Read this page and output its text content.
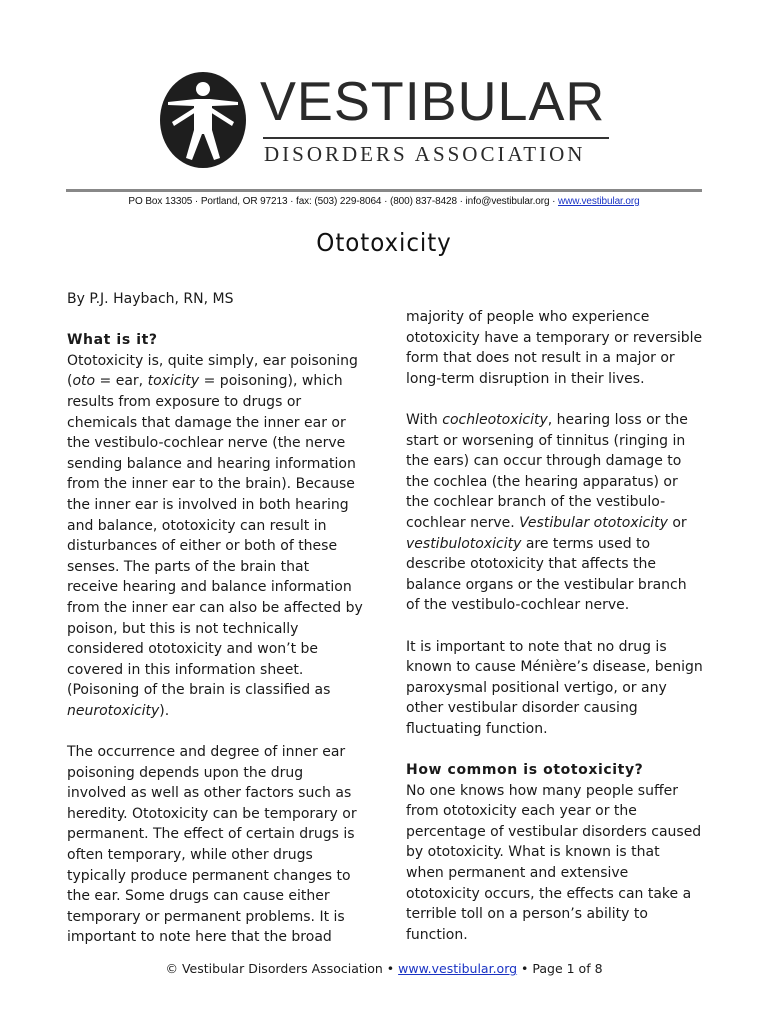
VESTIBULAR
DISORDERS ASSOCIATION
PO Box 13305 · Portland, OR 97213 · fax: (503) 229-8064 · (800) 837-8428 · info@vestibular.org · www.vestibular.org
Ototoxicity
By P.J. Haybach, RN, MS
What is it?
Ototoxicity is, quite simply, ear poisoning
(oto = ear, toxicity = poisoning), which
results from exposure to drugs or
chemicals that damage the inner ear or
the vestibulo-cochlear nerve (the nerve
sending balance and hearing information
from the inner ear to the brain). Because
the inner ear is involved in both hearing
and balance, ototoxicity can result in
disturbances of either or both of these
senses. The parts of the brain that
receive hearing and balance information
from the inner ear can also be affected by
poison, but this is not technically
considered ototoxicity and won’t be
covered in this information sheet.
(Poisoning of the brain is classified as
neurotoxicity).
The occurrence and degree of inner ear
poisoning depends upon the drug
involved as well as other factors such as
heredity. Ototoxicity can be temporary or
permanent. The effect of certain drugs is
often temporary, while other drugs
typically produce permanent changes to
the ear. Some drugs can cause either
temporary or permanent problems. It is
important to note here that the broad
majority of people who experience
ototoxicity have a temporary or reversible
form that does not result in a major or
long-term disruption in their lives.
With cochleotoxicity, hearing loss or the
start or worsening of tinnitus (ringing in
the ears) can occur through damage to
the cochlea (the hearing apparatus) or
the cochlear branch of the vestibulo-
cochlear nerve. Vestibular ototoxicity or
vestibulotoxicity are terms used to
describe ototoxicity that affects the
balance organs or the vestibular branch
of the vestibulo-cochlear nerve.
It is important to note that no drug is
known to cause Ménière’s disease, benign
paroxysmal positional vertigo, or any
other vestibular disorder causing
fluctuating function.
How common is ototoxicity?
No one knows how many people suffer
from ototoxicity each year or the
percentage of vestibular disorders caused
by ototoxicity. What is known is that
when permanent and extensive
ototoxicity occurs, the effects can take a
terrible toll on a person’s ability to
function.
© Vestibular Disorders Association • www.vestibular.org • Page 1 of 8
